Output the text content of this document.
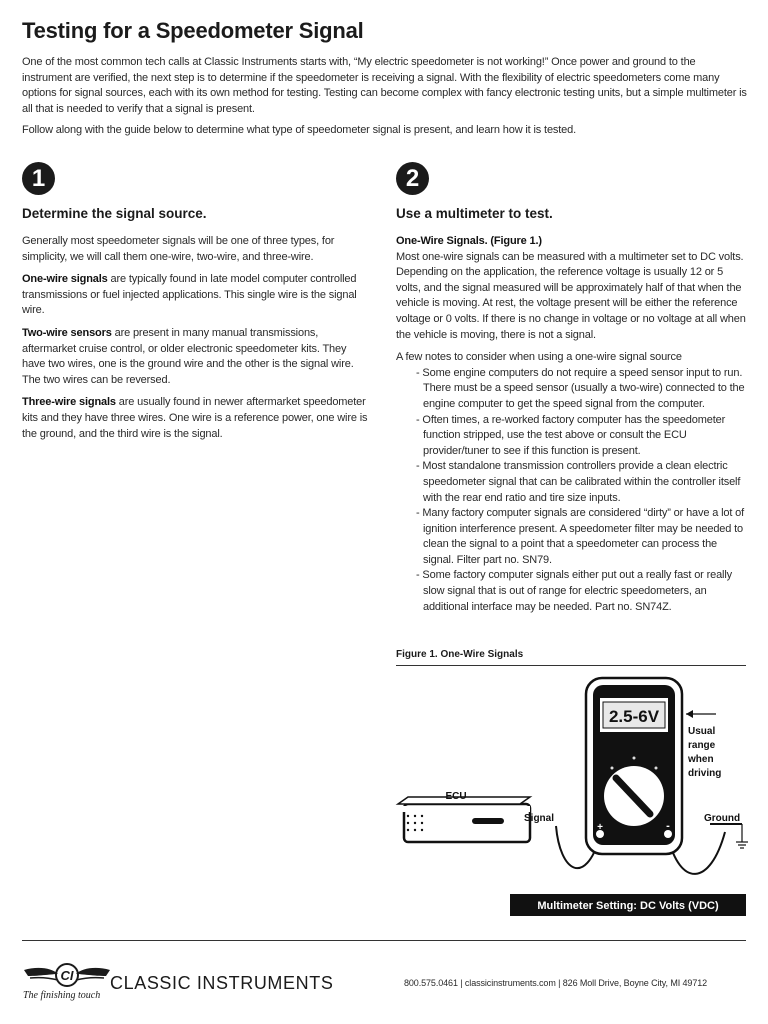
Testing for a Speedometer Signal

One of the most common tech calls at Classic Instruments starts with, “My electric speedometer is not working!” Once power and ground to the instrument are verified, the next step is to determine if the speedometer is receiving a signal. With the flexibility of electric speedometers come many options for signal sources, each with its own method for testing. Testing can become complex with fancy electronic testing units, but a simple multimeter is all that is needed to verify that a signal is present.

Follow along with the guide below to determine what type of speedometer signal is present, and learn how it is tested.

1
Determine the signal source.

Generally most speedometer signals will be one of three types, for simplicity, we will call them one-wire, two-wire, and three-wire.

One-wire signals are typically found in late model computer controlled transmissions or fuel injected applications. This single wire is the signal wire.

Two-wire sensors are present in many manual transmissions, aftermarket cruise control, or older electronic speedometer kits. They have two wires, one is the ground wire and the other is the signal wire. The two wires can be reversed.

Three-wire signals are usually found in newer aftermarket speedometer kits and they have three wires. One wire is a reference power, one wire is the ground, and the third wire is the signal.

2
Use a multimeter to test.
One-Wire Signals. (Figure 1.)

Most one-wire signals can be measured with a multimeter set to DC volts. Depending on the application, the reference voltage is usually 12 or 5 volts, and the signal measured will be approximately half of that when the vehicle is moving. At rest, the voltage present will be either the reference voltage or 0 volts. If there is no change in voltage or no voltage at all when the vehicle is moving, there is not a signal.

A few notes to consider when using a one-wire signal source
- Some engine computers do not require a speed sensor input to run. There must be a speed sensor (usually a two-wire) connected to the engine computer to get the speed signal from the computer.
- Often times, a re-worked factory computer has the speedometer function stripped, use the test above or consult the ECU provider/tuner to see if this function is present.
- Most standalone transmission controllers provide a clean electric speedometer signal that can be calibrated within the controller itself with the rear end ratio and tire size inputs.
- Many factory computer signals are considered “dirty” or have a lot of ignition interference present. A speedometer filter may be needed to clean the signal to a point that a speedometer can process the signal. Filter part no. SN79.
- Some factory computer signals either put out a really fast or really slow signal that is out of range for electric speedometers, an additional interface may be needed. Part no. SN74Z.
Figure 1. One-Wire Signals
2.5-6V
Usual range when driving
ECU
Signal	Ground
+	-
Multimeter Setting: DC Volts (VDC)
CI CLASSIC INSTRUMENTS
The finishing touch
800.575.0461 | classicinstruments.com | 826 Moll Drive, Boyne City, MI 49712
